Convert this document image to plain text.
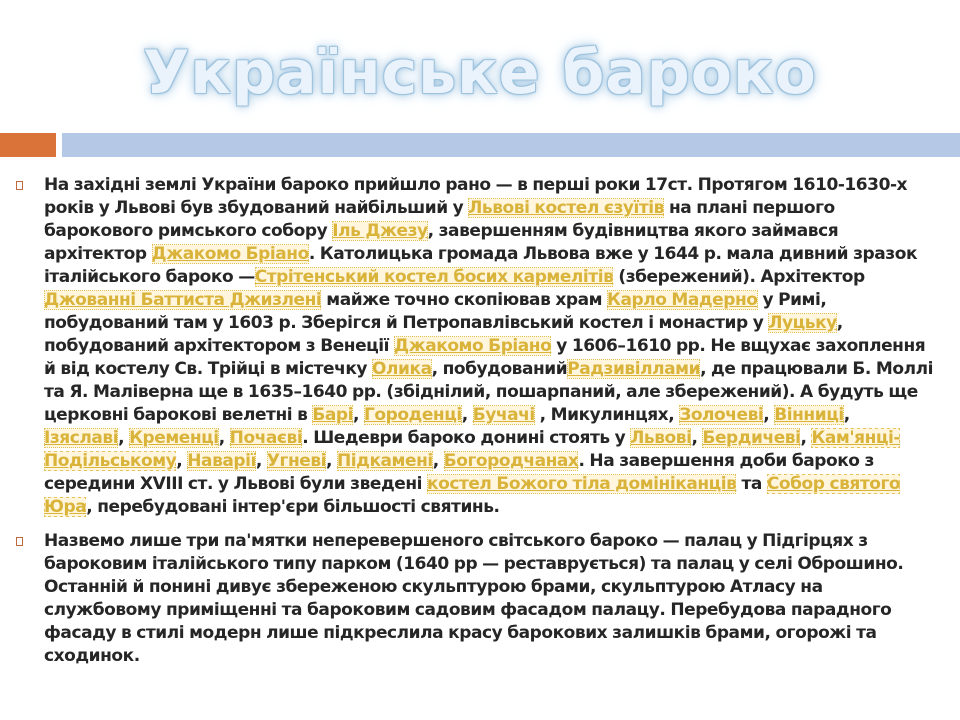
Українське бароко
На західні землі України бароко прийшло рано — в перші роки 17ст. Протягом 1610-1630-х років у Львові був збудований найбільший у Львові костел єзуїтів на плані першого барокового римського собору Іль Джезу, завершенням будівництва якого займався архітектор Джакомо Бріано. Католицька громада Львова вже у 1644 р. мала дивний зразок італійського бароко —Стрітенський костел босих кармелітів (збережений). Архітектор Джованні Баттиста Джизлені майже точно скопіював храм Карло Мадерно у Римі, побудований там у 1603 р. Зберігся й Петропавлівський костел і монастир у Луцьку, побудований архітектором з Венеції Джакомо Бріано у 1606–1610 рр. Не вщухає захоплення й від костелу Св. Трійці в містечку Олика, побудованийРадзивіллами, де працювали Б. Моллі та Я. Маліверна ще в 1635–1640 рр. (збіднілий, пошарпаний, але збережений). А будуть ще церковні барокові велетні в Барі, Городенці, Бучачі , Микулинцях, Золочеві, Вінниці, Ізяславі, Кременці, Почаєві. Шедеври бароко донині стоять у Львові, Бердичеві, Кам'янці-Подільському, Наварії, Угневі, Підкамені, Богородчанах. На завершення доби бароко з середини XVIII ст. у Львові були зведені костел Божого тіла домініканців та Собор святого Юра, перебудовані інтер'єри більшості святинь.
Назвемо лише три па'мятки неперевершеного світського бароко — палац у Підгірцях з барокoвим італійського типу парком (1640 рр — реставрується) та палац у селі Оброшино. Останній й понині дивує збереженою скульптурою брами, скульптурою Атласу на службовому приміщенні та барокoвим садовим фасадом палацу. Перебудова парадного фасаду в стилі модерн лише підкреслила красу барокових залишків брами, огорожі та сходинок.
